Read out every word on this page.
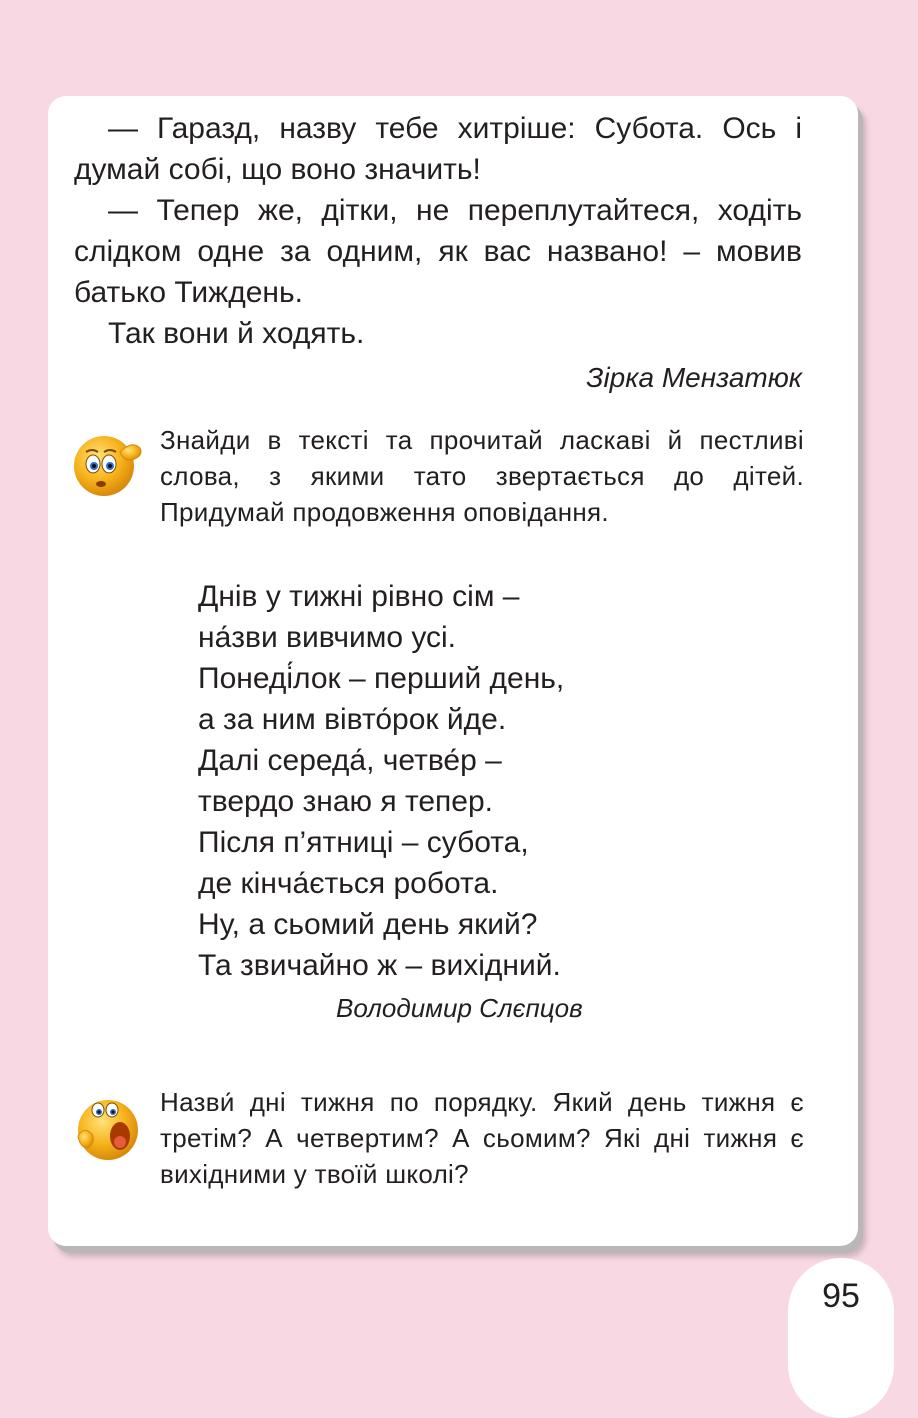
— Гаразд, назву тебе хитріше: Субота. Ось і думай собі, що воно значить!

— Тепер же, дітки, не переплутайтеся, ходіть слідком одне за одним, як вас названо! – мовив батько Тиждень.

Так вони й ходять.

Зірка Мензатюк
Знайди в тексті та прочитай ласкаві й пестливі слова, з якими тато звертається до дітей. Придумай продовження оповідання.
Днів у тижні рівно сім –
на́зви вивчимо усі.
Понеді́лок – перший день,
а за ним вівто́рок йде.
Далі середа́, четве́р –
твердо знаю я тепер.
Після п’ятниці – субота,
де кінча́ється робота.
Ну, а сьомий день який?
Та звичайно ж – вихідний.
Володимир Слєпцов
Назви́ дні тижня по порядку. Який день тижня є третім? А четвертим? А сьомим? Які дні тижня є вихідними у твоїй школі?
95
